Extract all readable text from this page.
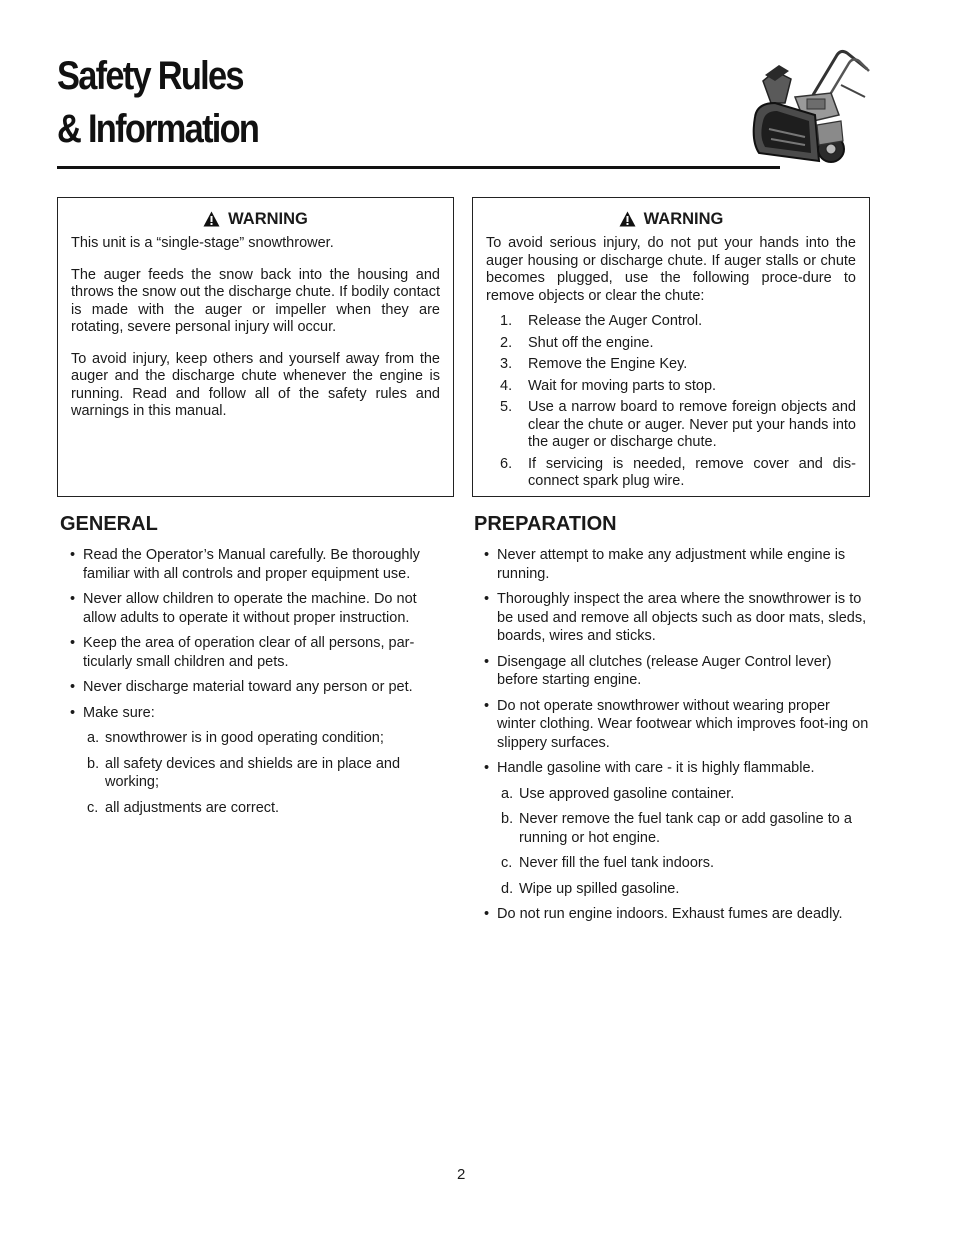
Safety Rules
& Information
WARNING

This unit is a “single-stage” snowthrower.

The auger feeds the snow back into the housing and throws the snow out the discharge chute. If bodily contact is made with the auger or impeller when they are rotating, severe personal injury will occur.

To avoid injury, keep others and yourself away from the auger and the discharge chute whenever the engine is running. Read and follow all of the safety rules and warnings in this manual.

WARNING

To avoid serious injury, do not put your hands into the auger housing or discharge chute. If auger stalls or chute becomes plugged, use the following proce-dure to remove objects or clear the chute:

1. Release the Auger Control.
2. Shut off the engine.
3. Remove the Engine Key.
4. Wait for moving parts to stop.
5. Use a narrow board to remove foreign objects and clear the chute or auger. Never put your hands into the auger or discharge chute.
6. If servicing is needed, remove cover and dis-connect spark plug wire.
GENERAL
• Read the Operator’s Manual carefully. Be thoroughly familiar with all controls and proper equipment use.
• Never allow children to operate the machine. Do not allow adults to operate it without proper instruction.
• Keep the area of operation clear of all persons, par-ticularly small children and pets.
• Never discharge material toward any person or pet.
• Make sure:
a. snowthrower is in good operating condition;
b. all safety devices and shields are in place and working;
c. all adjustments are correct.
PREPARATION
• Never attempt to make any adjustment while engine is running.
• Thoroughly inspect the area where the snowthrower is to be used and remove all objects such as door mats, sleds, boards, wires and sticks.
• Disengage all clutches (release Auger Control lever) before starting engine.
• Do not operate snowthrower without wearing proper winter clothing. Wear footwear which improves foot-ing on slippery surfaces.
• Handle gasoline with care - it is highly flammable.
a. Use approved gasoline container.
b. Never remove the fuel tank cap or add gasoline to a running or hot engine.
c. Never fill the fuel tank indoors.
d. Wipe up spilled gasoline.
• Do not run engine indoors. Exhaust fumes are deadly.
2
